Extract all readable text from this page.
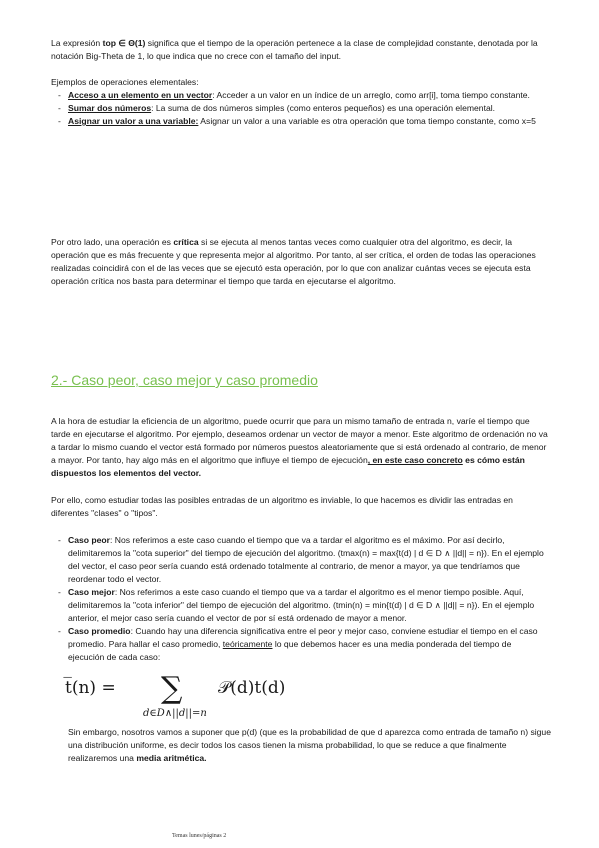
La expresión top ∈ Θ(1) significa que el tiempo de la operación pertenece a la clase de complejidad constante, denotada por la notación Big-Theta de 1, lo que indica que no crece con el tamaño del input.

Ejemplos de operaciones elementales:

- Acceso a un elemento en un vector: Acceder a un valor en un índice de un arreglo, como arr[i], toma tiempo constante.
- Sumar dos números: La suma de dos números simples (como enteros pequeños) es una operación elemental.
- Asignar un valor a una variable: Asignar un valor a una variable es otra operación que toma tiempo constante, como x=5

Por otro lado, una operación es crítica si se ejecuta al menos tantas veces como cualquier otra del algoritmo, es decir, la operación que es más frecuente y que representa mejor al algoritmo. Por tanto, al ser crítica, el orden de todas las operaciones realizadas coincidirá con el de las veces que se ejecutó esta operación, por lo que con analizar cuántas veces se ejecuta esta operación crítica nos basta para determinar el tiempo que tarda en ejecutarse el algoritmo.

2.- Caso peor, caso mejor y caso promedio

A la hora de estudiar la eficiencia de un algoritmo, puede ocurrir que para un mismo tamaño de entrada n, varíe el tiempo que tarde en ejecutarse el algoritmo. Por ejemplo, deseamos ordenar un vector de mayor a menor. Este algoritmo de ordenación no va a tardar lo mismo cuando el vector está formado por números puestos aleatoriamente que si está ordenado al contrario, de menor a mayor. Por tanto, hay algo más en el algoritmo que influye el tiempo de ejecución, en este caso concreto es cómo están dispuestos los elementos del vector.

Por ello, como estudiar todas las posibles entradas de un algoritmo es inviable, lo que hacemos es dividir las entradas en diferentes "clases" o "tipos".

- Caso peor: Nos referimos a este caso cuando el tiempo que va a tardar el algoritmo es el máximo. Por así decirlo, delimitaremos la "cota superior" del tiempo de ejecución del algoritmo. (tmax(n) = max{t(d) | d ∈ D ∧ ||d|| = n}). En el ejemplo del vector, el caso peor sería cuando está ordenado totalmente al contrario, de menor a mayor, ya que tendríamos que reordenar todo el vector.
- Caso mejor: Nos referimos a este caso cuando el tiempo que va a tardar el algoritmo es el menor tiempo posible. Aquí, delimitaremos la "cota inferior" del tiempo de ejecución del algoritmo. (tmin(n) = min{t(d) | d ∈ D ∧ ||d|| = n}). En el ejemplo anterior, el mejor caso sería cuando el vector de por sí está ordenado de mayor a menor.
- Caso promedio: Cuando hay una diferencia significativa entre el peor y mejor caso, conviene estudiar el tiempo en el caso promedio. Para hallar el caso promedio, teóricamente lo que debemos hacer es una media ponderada del tiempo de ejecución de cada caso:
t̅(n) = ∑
d∈D∧||d||=n
𝒫(d)t(d)

Sin embargo, nosotros vamos a suponer que p(d) (que es la probabilidad de que d aparezca como entrada de tamaño n) sigue una distribución uniforme, es decir todos los casos tienen la misma probabilidad, lo que se reduce a que finalmente realizaremos una media aritmética.

Temas lunes/páginas 2
